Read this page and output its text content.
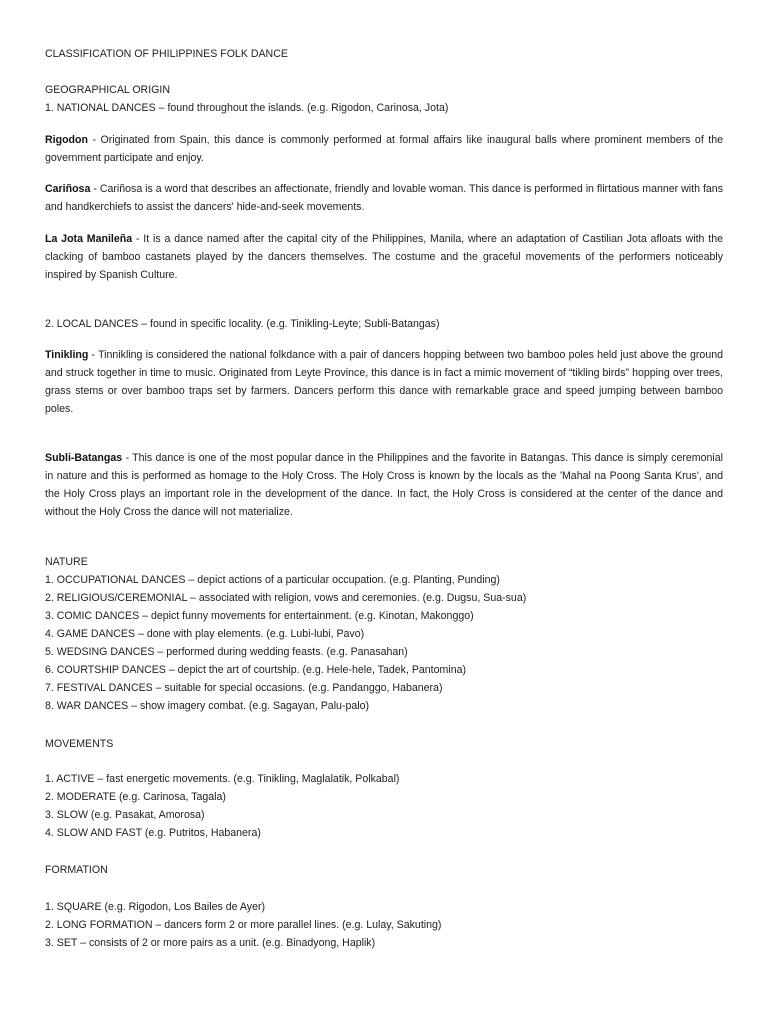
CLASSIFICATION OF PHILIPPINES FOLK DANCE
GEOGRAPHICAL ORIGIN
1. NATIONAL DANCES – found throughout the islands. (e.g. Rigodon, Carinosa, Jota)
Rigodon - Originated from Spain, this dance is commonly performed at formal affairs like inaugural balls where prominent members of the government participate and enjoy.
Cariñosa - Cariñosa is a word that describes an affectionate, friendly and lovable woman. This dance is performed in flirtatious manner with fans and handkerchiefs to assist the dancers' hide-and-seek movements.
La Jota Manileña - It is a dance named after the capital city of the Philippines, Manila, where an adaptation of Castilian Jota afloats with the clacking of bamboo castanets played by the dancers themselves. The costume and the graceful movements of the performers noticeably inspired by Spanish Culture.
2. LOCAL DANCES – found in specific locality. (e.g. Tinikling-Leyte; Subli-Batangas)
Tinikling - Tinnikling is considered the national folkdance with a pair of dancers hopping between two bamboo poles held just above the ground and struck together in time to music. Originated from Leyte Province, this dance is in fact a mimic movement of “tikling birds” hopping over trees, grass stems or over bamboo traps set by farmers. Dancers perform this dance with remarkable grace and speed jumping between bamboo poles.
Subli-Batangas - This dance is one of the most popular dance in the Philippines and the favorite in Batangas. This dance is simply ceremonial in nature and this is performed as homage to the Holy Cross. The Holy Cross is known by the locals as the 'Mahal na Poong Santa Krus', and the Holy Cross plays an important role in the development of the dance. In fact, the Holy Cross is considered at the center of the dance and without the Holy Cross the dance will not materialize.
NATURE
1. OCCUPATIONAL DANCES – depict actions of a particular occupation. (e.g. Planting, Punding)
2. RELIGIOUS/CEREMONIAL – associated with religion, vows and ceremonies. (e.g. Dugsu, Sua-sua)
3. COMIC DANCES – depict funny movements for entertainment. (e.g. Kinotan, Makonggo)
4. GAME DANCES – done with play elements. (e.g. Lubi-lubi, Pavo)
5. WEDSING DANCES – performed during wedding feasts. (e.g. Panasahan)
6. COURTSHIP DANCES – depict the art of courtship. (e.g. Hele-hele, Tadek, Pantomina)
7. FESTIVAL DANCES – suitable for special occasions. (e.g. Pandanggo, Habanera)
8. WAR DANCES – show imagery combat. (e.g. Sagayan, Palu-palo)
MOVEMENTS
1. ACTIVE – fast energetic movements. (e.g. Tinikling, Maglalatik, Polkabal)
2. MODERATE (e.g. Carinosa, Tagala)
3. SLOW (e.g. Pasakat, Amorosa)
4. SLOW AND FAST (e.g. Putritos, Habanera)
FORMATION
1. SQUARE (e.g. Rigodon, Los Bailes de Ayer)
2. LONG FORMATION – dancers form 2 or more parallel lines. (e.g. Lulay, Sakuting)
3. SET – consists of 2 or more pairs as a unit. (e.g. Binadyong, Haplik)
